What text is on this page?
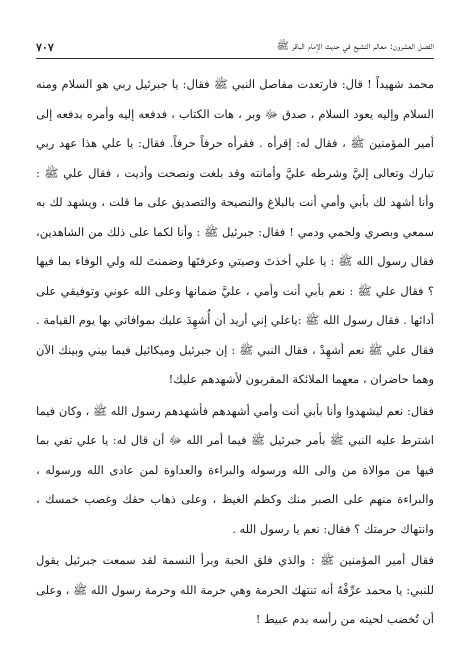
الفصل العشرون: معالم التشيع في حديث الإمام الباقر ﷺ
٧٠٧

محمد شهيداً ! قال: فارتعدت مفاصل النبي ﷺ فقال: يا جبرئيل ربي هو السلام ومنه السلام وإليه يعود السلام ، صدق ﷻ وبر ، هات الكتاب ، فدفعه إليه وأمره بدفعه إلى أمير المؤمنين ﷺ ، فقال له: إقرأه . فقرأه حرفاً حرفاً. فقال: يا علي هذا عهد ربي تبارك وتعالى إليَّ وشرطه عليَّ وأمانته وقد بلغت ونصحت وأديت ، فقال علي ﷺ : وأنا أشهد لك بأبي وأمي أنت بالبلاغ والنصيحة والتصديق على ما قلت ، ويشهد لك به سمعي وبصري ولحمي ودمي ! فقال: جبرئيل ﷺ : وأنا لكما على ذلك من الشاهدين، فقال رسول الله ﷺ : يا علي أخذتَ وصيتي وعرفتَها وضمنتَ لله ولي الوفاء بما فيها ؟ فقال علي ﷺ : نعم بأبي أنت وأمي ، عليَّ ضمانها وعلى الله عوني وتوفيقي على أدائها . فقال رسول الله ﷺ :ياعلي إني أريد أن أُشهِدَ عليك بموافاتي بها يوم القيامة . فقال علي ﷺ نعم أشهِدْ ، فقال النبي ﷺ : إن جبرئيل وميكائيل فيما بيني وبينك الآن وهما حاضران ، معهما الملائكة المقربون لأشهدهم عليك!

فقال: نعم ليشهدوا وأنا بأبي أنت وأمي أشهدهم فأشهدهم رسول الله ﷺ ، وكان فيما اشترط عليه النبي ﷺ بأمر جبرئيل ﷺ فيما أمر الله ﷻ أن قال له: يا علي تفي بما فيها من موالاة من والى الله ورسوله والبراءة والعداوة لمن عادى الله ورسوله ، والبراءة منهم على الصبر منك وكظم الغيظ ، وعلى ذهاب حقك وغصب خمسك ، وانتهاك حرمتك ؟ فقال: نعم يا رسول الله .

فقال أمير المؤمنين ﷺ : والذي فلق الحبة وبرأ النسمة لقد سمعت جبرئيل يقول للنبي: يا محمد عرِّفْهُ أنه تنتهك الحرمة وهي حرمة الله وحرمة رسول الله ﷺ ، وعلى أن تُخضب لحيته من رأسه بدم عبيط !
